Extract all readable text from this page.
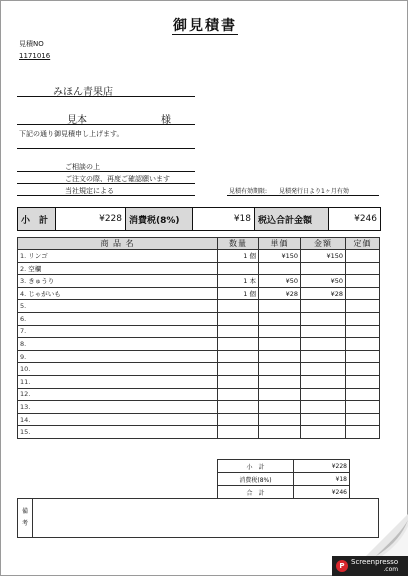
御見積書
見積NO
1171016
みほん青果店
見本	様
下記の通り御見積申し上げます。
ご相談の上
ご注文の際、再度ご確認願います
当社規定による	見積有効期限: 見積発行日より1ヶ月有効
小　計	¥228 消費税(8%)	¥18 税込合計金額	¥246
商 品 名	数量	単価	金額	定価
1. リンゴ	1 個	¥150	¥150	
2. 空欄				
3. きゅうり	1 本	¥50	¥50	
4. じゃがいも	1 個	¥28	¥28	
5.				
6.				
7.				
8.				
9.				
10.				
11.				
12.				
13.				
14.				
15.				
小　計	¥228
消費税(8%)	¥18
合　計	¥246
備
考
P Screenpresso
.com
